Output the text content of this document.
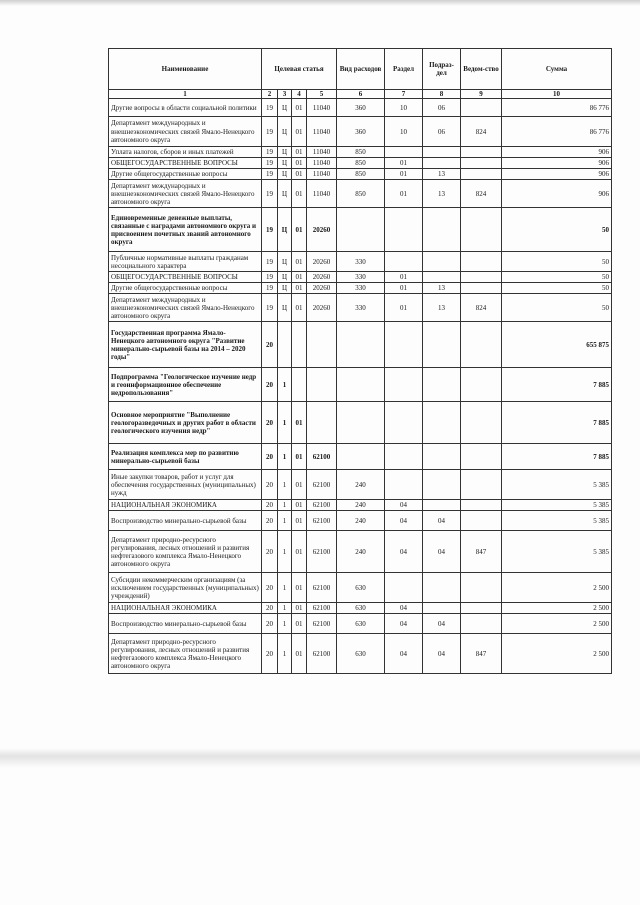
Наименование	Целевая статья				Вид расходов	Раздел	Подраз-дел	Ведом-ство	Сумма
1	2	3	4	5	6	7	8	9	10
Другие вопросы в области социальной политики	19	Ц	01	11040	360	10	06		86 776
Департамент международных и внешнеэкономических связей Ямало-Ненецкого автономного округа	19	Ц	01	11040	360	10	06	824	86 776
Уплата налогов, сборов и иных платежей	19	Ц	01	11040	850				906
ОБЩЕГОСУДАРСТВЕННЫЕ ВОПРОСЫ	19	Ц	01	11040	850	01			906
Другие общегосударственные вопросы	19	Ц	01	11040	850	01	13		906
Департамент международных и внешнеэкономических связей Ямало-Ненецкого автономного округа	19	Ц	01	11040	850	01	13	824	906
Единовременные денежные выплаты, связанные с наградами автономного округа и присвоением почетных званий автономного округа	19	Ц	01	20260					50
Публичные нормативные выплаты гражданам несоциального характера	19	Ц	01	20260	330				50
ОБЩЕГОСУДАРСТВЕННЫЕ ВОПРОСЫ	19	Ц	01	20260	330	01			50
Другие общегосударственные вопросы	19	Ц	01	20260	330	01	13		50
Департамент международных и внешнеэкономических связей Ямало-Ненецкого автономного округа	19	Ц	01	20260	330	01	13	824	50
Государственная программа Ямало-Ненецкого автономного округа "Развитие минерально-сырьевой базы на 2014 – 2020 годы"	20								655 875
Подпрограмма "Геологическое изучение недр и геоинформационное обеспечение недропользования"	20	1							7 885
Основное мероприятие "Выполнение геологоразведочных и других работ в области геологического изучения недр"	20	1	01						7 885
Реализация комплекса мер по развитию минерально-сырьевой базы	20	1	01	62100					7 885
Иные закупки товаров, работ и услуг для обеспечения государственных (муниципальных) нужд	20	1	01	62100	240				5 385
НАЦИОНАЛЬНАЯ ЭКОНОМИКА	20	1	01	62100	240	04			5 385
Воспроизводство минерально-сырьевой базы	20	1	01	62100	240	04	04		5 385
Департамент природно-ресурсного регулирования, лесных отношений и развития нефтегазового комплекса Ямало-Ненецкого автономного округа	20	1	01	62100	240	04	04	847	5 385
Субсидии некоммерческим организациям (за исключением государственных (муниципальных) учреждений)	20	1	01	62100	630				2 500
НАЦИОНАЛЬНАЯ ЭКОНОМИКА	20	1	01	62100	630	04			2 500
Воспроизводство минерально-сырьевой базы	20	1	01	62100	630	04	04		2 500
Департамент природно-ресурсного регулирования, лесных отношений и развития нефтегазового комплекса Ямало-Ненецкого автономного округа	20	1	01	62100	630	04	04	847	2 500
